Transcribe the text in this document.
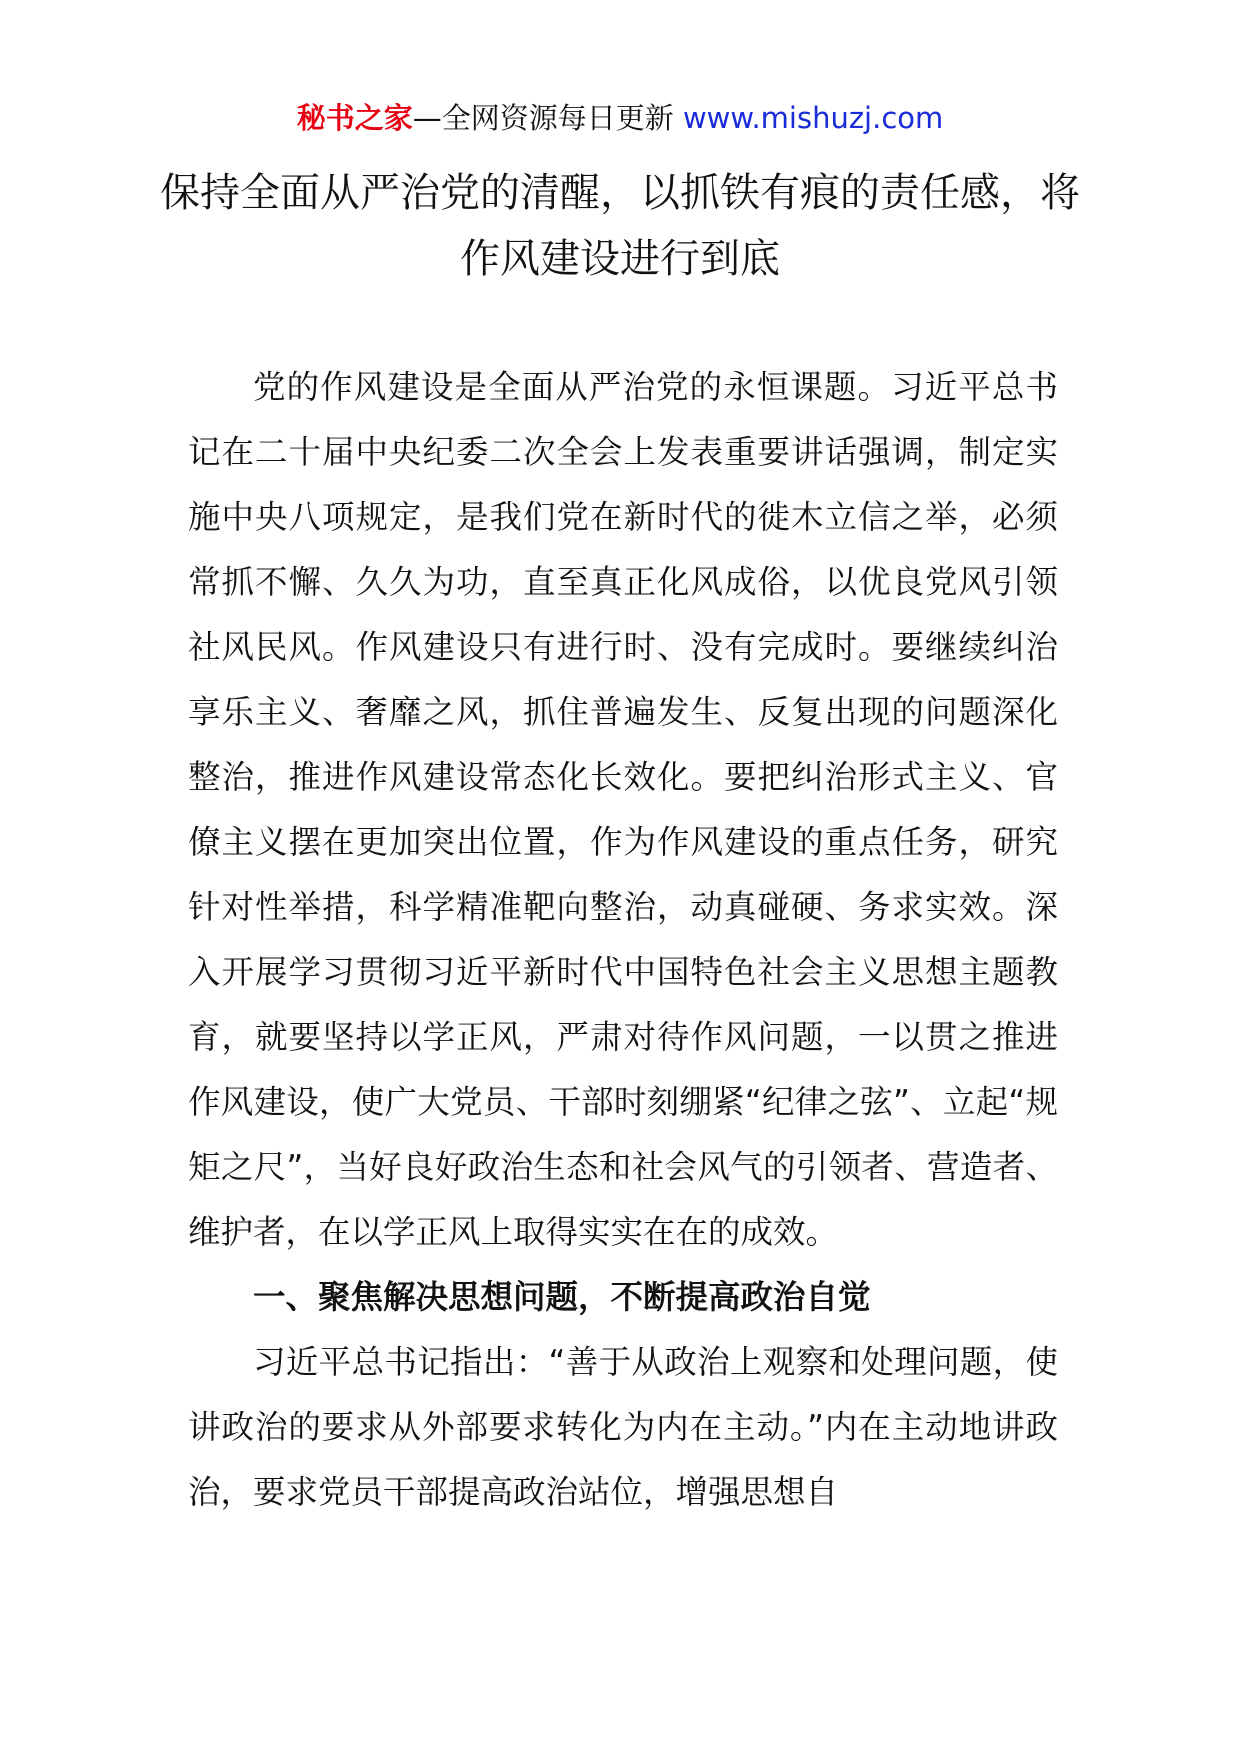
秘书之家—全网资源每日更新 www.mishuzj.com
保持全面从严治党的清醒，以抓铁有痕的责任感，将作风建设进行到底

党的作风建设是全面从严治党的永恒课题。习近平总书记在二十届中央纪委二次全会上发表重要讲话强调，制定实施中央八项规定，是我们党在新时代的徙木立信之举，必须常抓不懈、久久为功，直至真正化风成俗，以优良党风引领社风民风。作风建设只有进行时、没有完成时。要继续纠治享乐主义、奢靡之风，抓住普遍发生、反复出现的问题深化整治，推进作风建设常态化长效化。要把纠治形式主义、官僚主义摆在更加突出位置，作为作风建设的重点任务，研究针对性举措，科学精准靶向整治，动真碰硬、务求实效。深入开展学习贯彻习近平新时代中国特色社会主义思想主题教育，就要坚持以学正风，严肃对待作风问题，一以贯之推进作风建设，使广大党员、干部时刻绷紧“纪律之弦”、立起“规矩之尺”，当好良好政治生态和社会风气的引领者、营造者、维护者，在以学正风上取得实实在在的成效。

一、聚焦解决思想问题，不断提高政治自觉

习近平总书记指出：“善于从政治上观察和处理问题，使讲政治的要求从外部要求转化为内在主动。”内在主动地讲政治，要求党员干部提高政治站位，增强思想自
